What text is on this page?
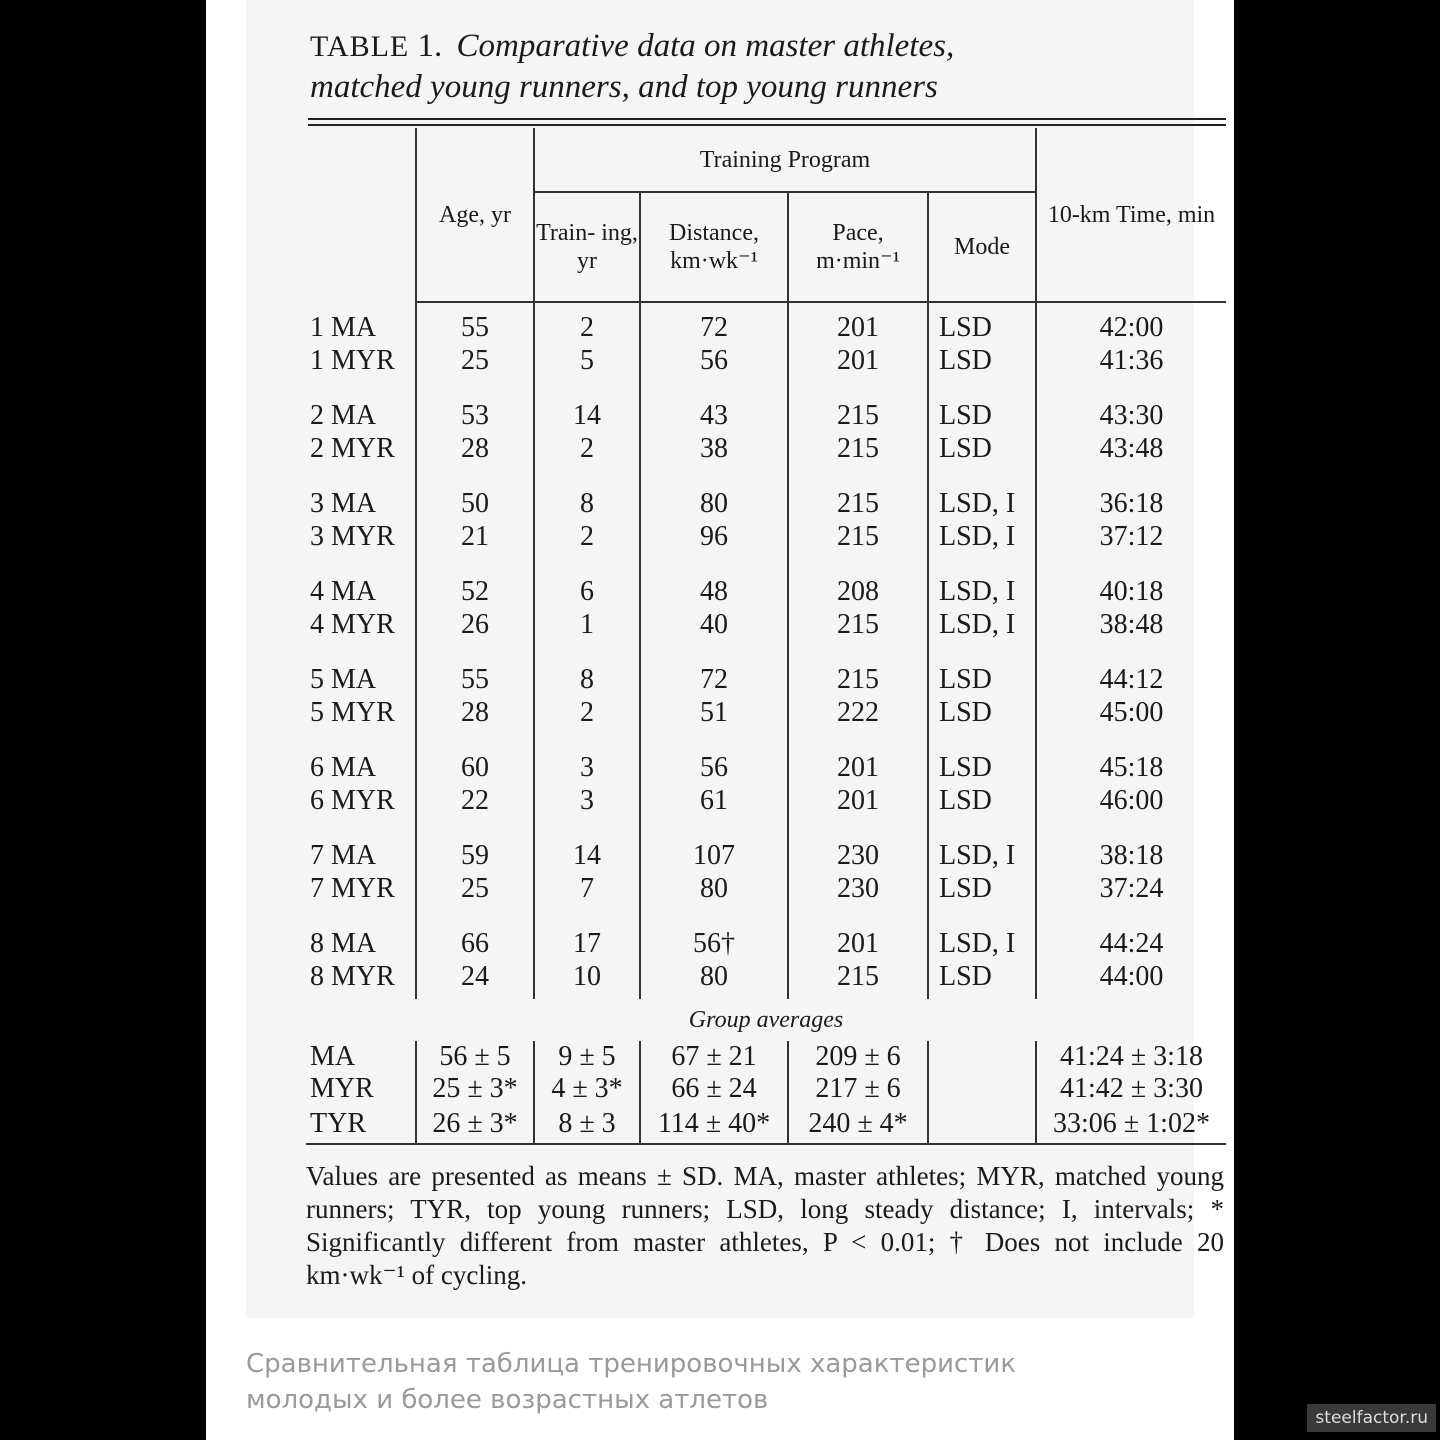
TABLE 1. Comparative data on master athletes,
matched young runners, and top young runners
	Age, yr	Training Program				10-km Time, min
		Train- ing, yr	Distance, km·wk⁻¹	Pace, m·min⁻¹	Mode	

1 MA	55	2	72	201	LSD	42:00
1 MYR	25	5	56	201	LSD	41:36

2 MA	53	14	43	215	LSD	43:30
2 MYR	28	2	38	215	LSD	43:48

3 MA	50	8	80	215	LSD, I	36:18
3 MYR	21	2	96	215	LSD, I	37:12

4 MA	52	6	48	208	LSD, I	40:18
4 MYR	26	1	40	215	LSD, I	38:48

5 MA	55	8	72	215	LSD	44:12
5 MYR	28	2	51	222	LSD	45:00

6 MA	60	3	56	201	LSD	45:18
6 MYR	22	3	61	201	LSD	46:00

7 MA	59	14	107	230	LSD, I	38:18
7 MYR	25	7	80	230	LSD	37:24

8 MA	66	17	56†	201	LSD, I	44:24
8 MYR	24	10	80	215	LSD	44:00

Group averages						
MA	56 ± 5	9 ± 5	67 ± 21	209 ± 6		41:24 ± 3:18
MYR	25 ± 3*	4 ± 3*	66 ± 24	217 ± 6		41:42 ± 3:30
TYR	26 ± 3*	8 ± 3	114 ± 40*	240 ± 4*		33:06 ± 1:02*
Values are presented as means ± SD. MA, master athletes; MYR, matched young runners; TYR, top young runners; LSD, long steady distance; I, intervals; * Significantly different from master athletes, P < 0.01; † Does not include 20 km·wk⁻¹ of cycling.
Сравнительная таблица тренировочных характеристик молодых и более возрастных атлетов
steelfactor.ru
